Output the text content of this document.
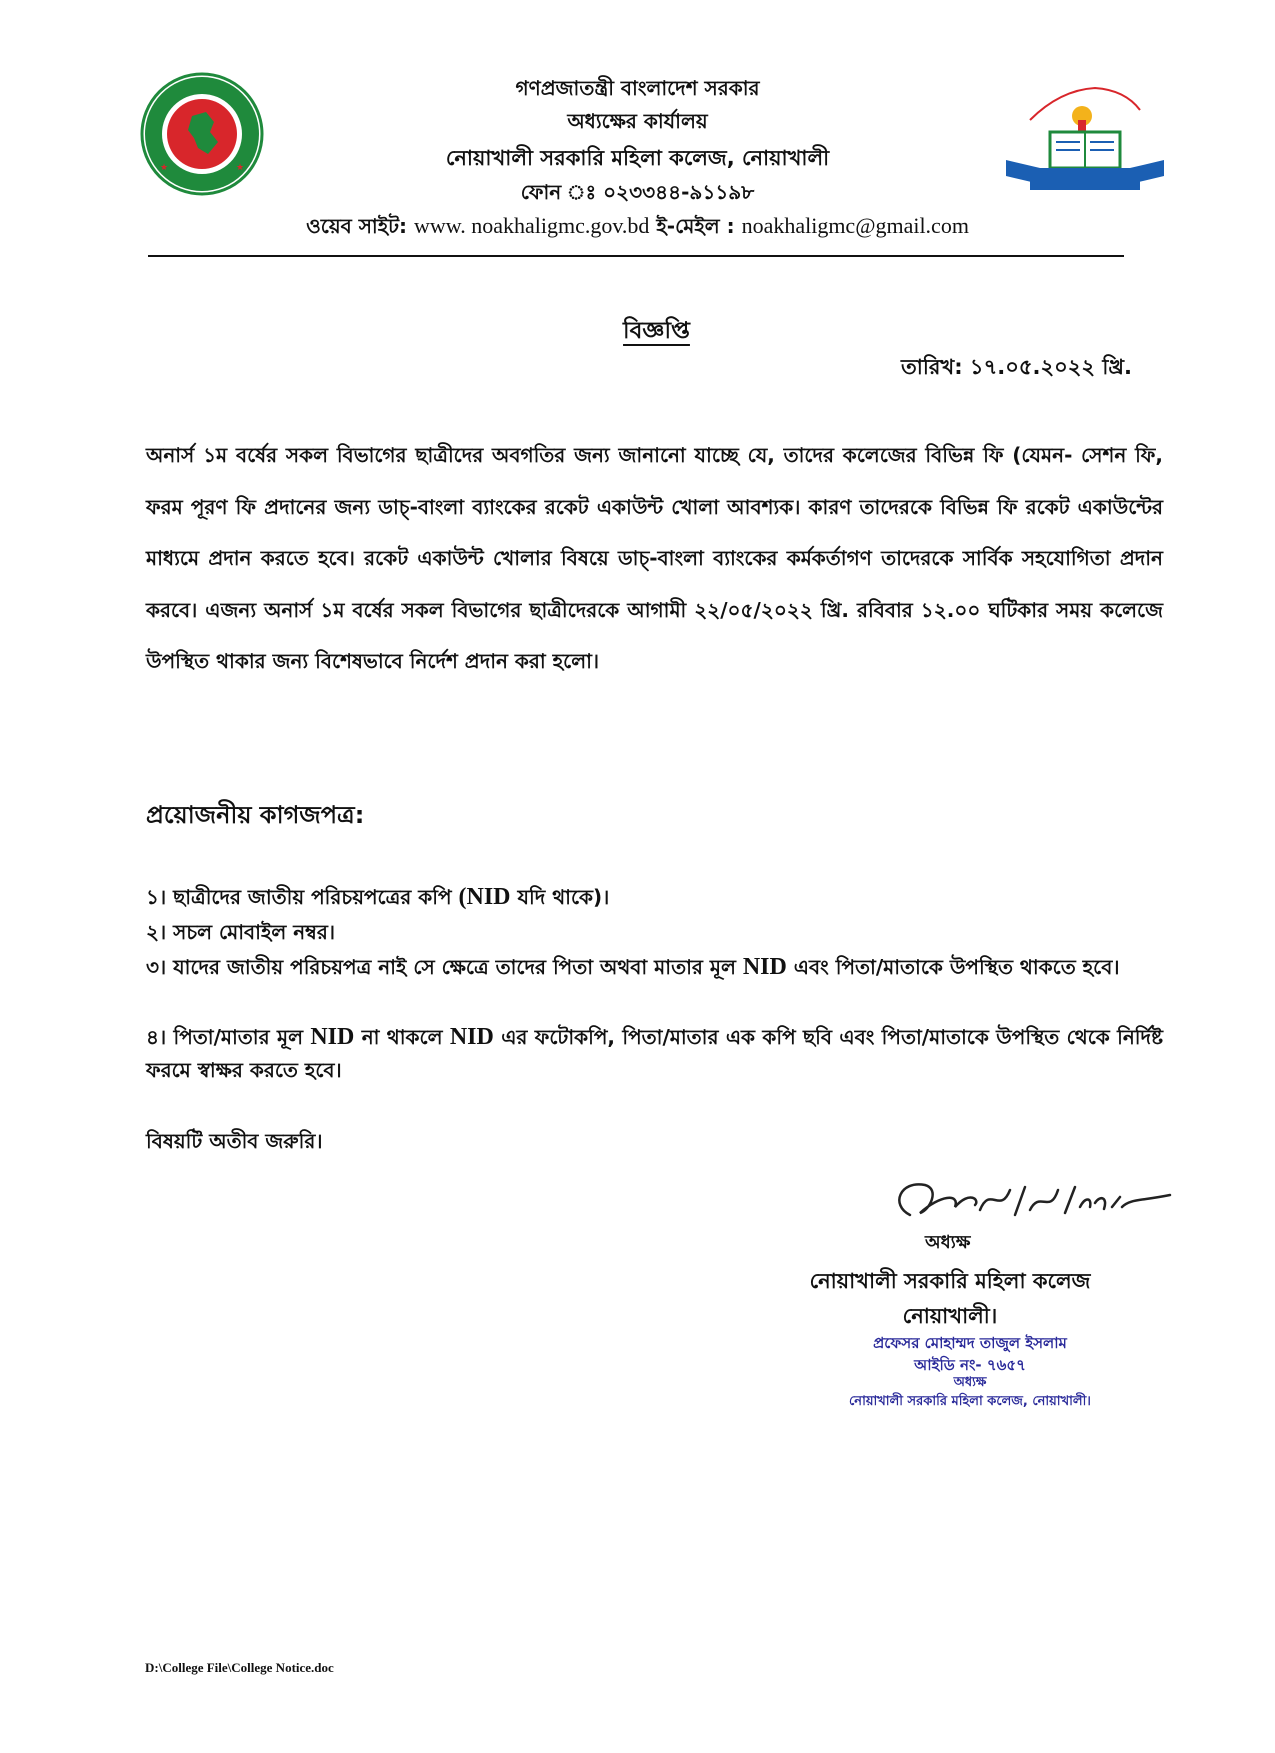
★	★
গণপ্রজাতন্ত্রী বাংলাদেশ সরকার
অধ্যক্ষের কার্যালয়
নোয়াখালী সরকারি মহিলা কলেজ, নোয়াখালী
ফোন ঃ ০২৩৩৪৪-৯১১৯৮
ওয়েব সাইট: www. noakhaligmc.gov.bd ই-মেইল : noakhaligmc@gmail.com
বিজ্ঞপ্তি
তারিখ: ১৭.০৫.২০২২ খ্রি.
অনার্স ১ম বর্ষের সকল বিভাগের ছাত্রীদের অবগতির জন্য জানানো যাচ্ছে যে, তাদের কলেজের বিভিন্ন ফি (যেমন- সেশন ফি, ফরম পূরণ ফি প্রদানের জন্য ডাচ্-বাংলা ব্যাংকের রকেট একাউন্ট খোলা আবশ্যক। কারণ তাদেরকে বিভিন্ন ফি রকেট একাউন্টের মাধ্যমে প্রদান করতে হবে। রকেট একাউন্ট খোলার বিষয়ে ডাচ্-বাংলা ব্যাংকের কর্মকর্তাগণ তাদেরকে সার্বিক সহযোগিতা প্রদান করবে। এজন্য অনার্স ১ম বর্ষের সকল বিভাগের ছাত্রীদেরকে আগামী ২২/০৫/২০২২ খ্রি. রবিবার ১২.০০ ঘটিকার সময় কলেজে উপস্থিত থাকার জন্য বিশেষভাবে নির্দেশ প্রদান করা হলো।
প্রয়োজনীয় কাগজপত্র:
১। ছাত্রীদের জাতীয় পরিচয়পত্রের কপি (NID যদি থাকে)।
২। সচল মোবাইল নম্বর।
৩। যাদের জাতীয় পরিচয়পত্র নাই সে ক্ষেত্রে তাদের পিতা অথবা মাতার মূল NID এবং পিতা/মাতাকে উপস্থিত থাকতে হবে।
৪। পিতা/মাতার মূল NID না থাকলে NID এর ফটোকপি, পিতা/মাতার এক কপি ছবি এবং পিতা/মাতাকে উপস্থিত থেকে নির্দিষ্ট ফরমে স্বাক্ষর করতে হবে।
বিষয়টি অতীব জরুরি।
অধ্যক্ষ
নোয়াখালী সরকারি মহিলা কলেজ
নোয়াখালী।
প্রফেসর মোহাম্মদ তাজুল ইসলাম
আইডি নং- ৭৬৫৭
অধ্যক্ষ
নোয়াখালী সরকারি মহিলা কলেজ, নোয়াখালী।
D:\College File\College Notice.doc
